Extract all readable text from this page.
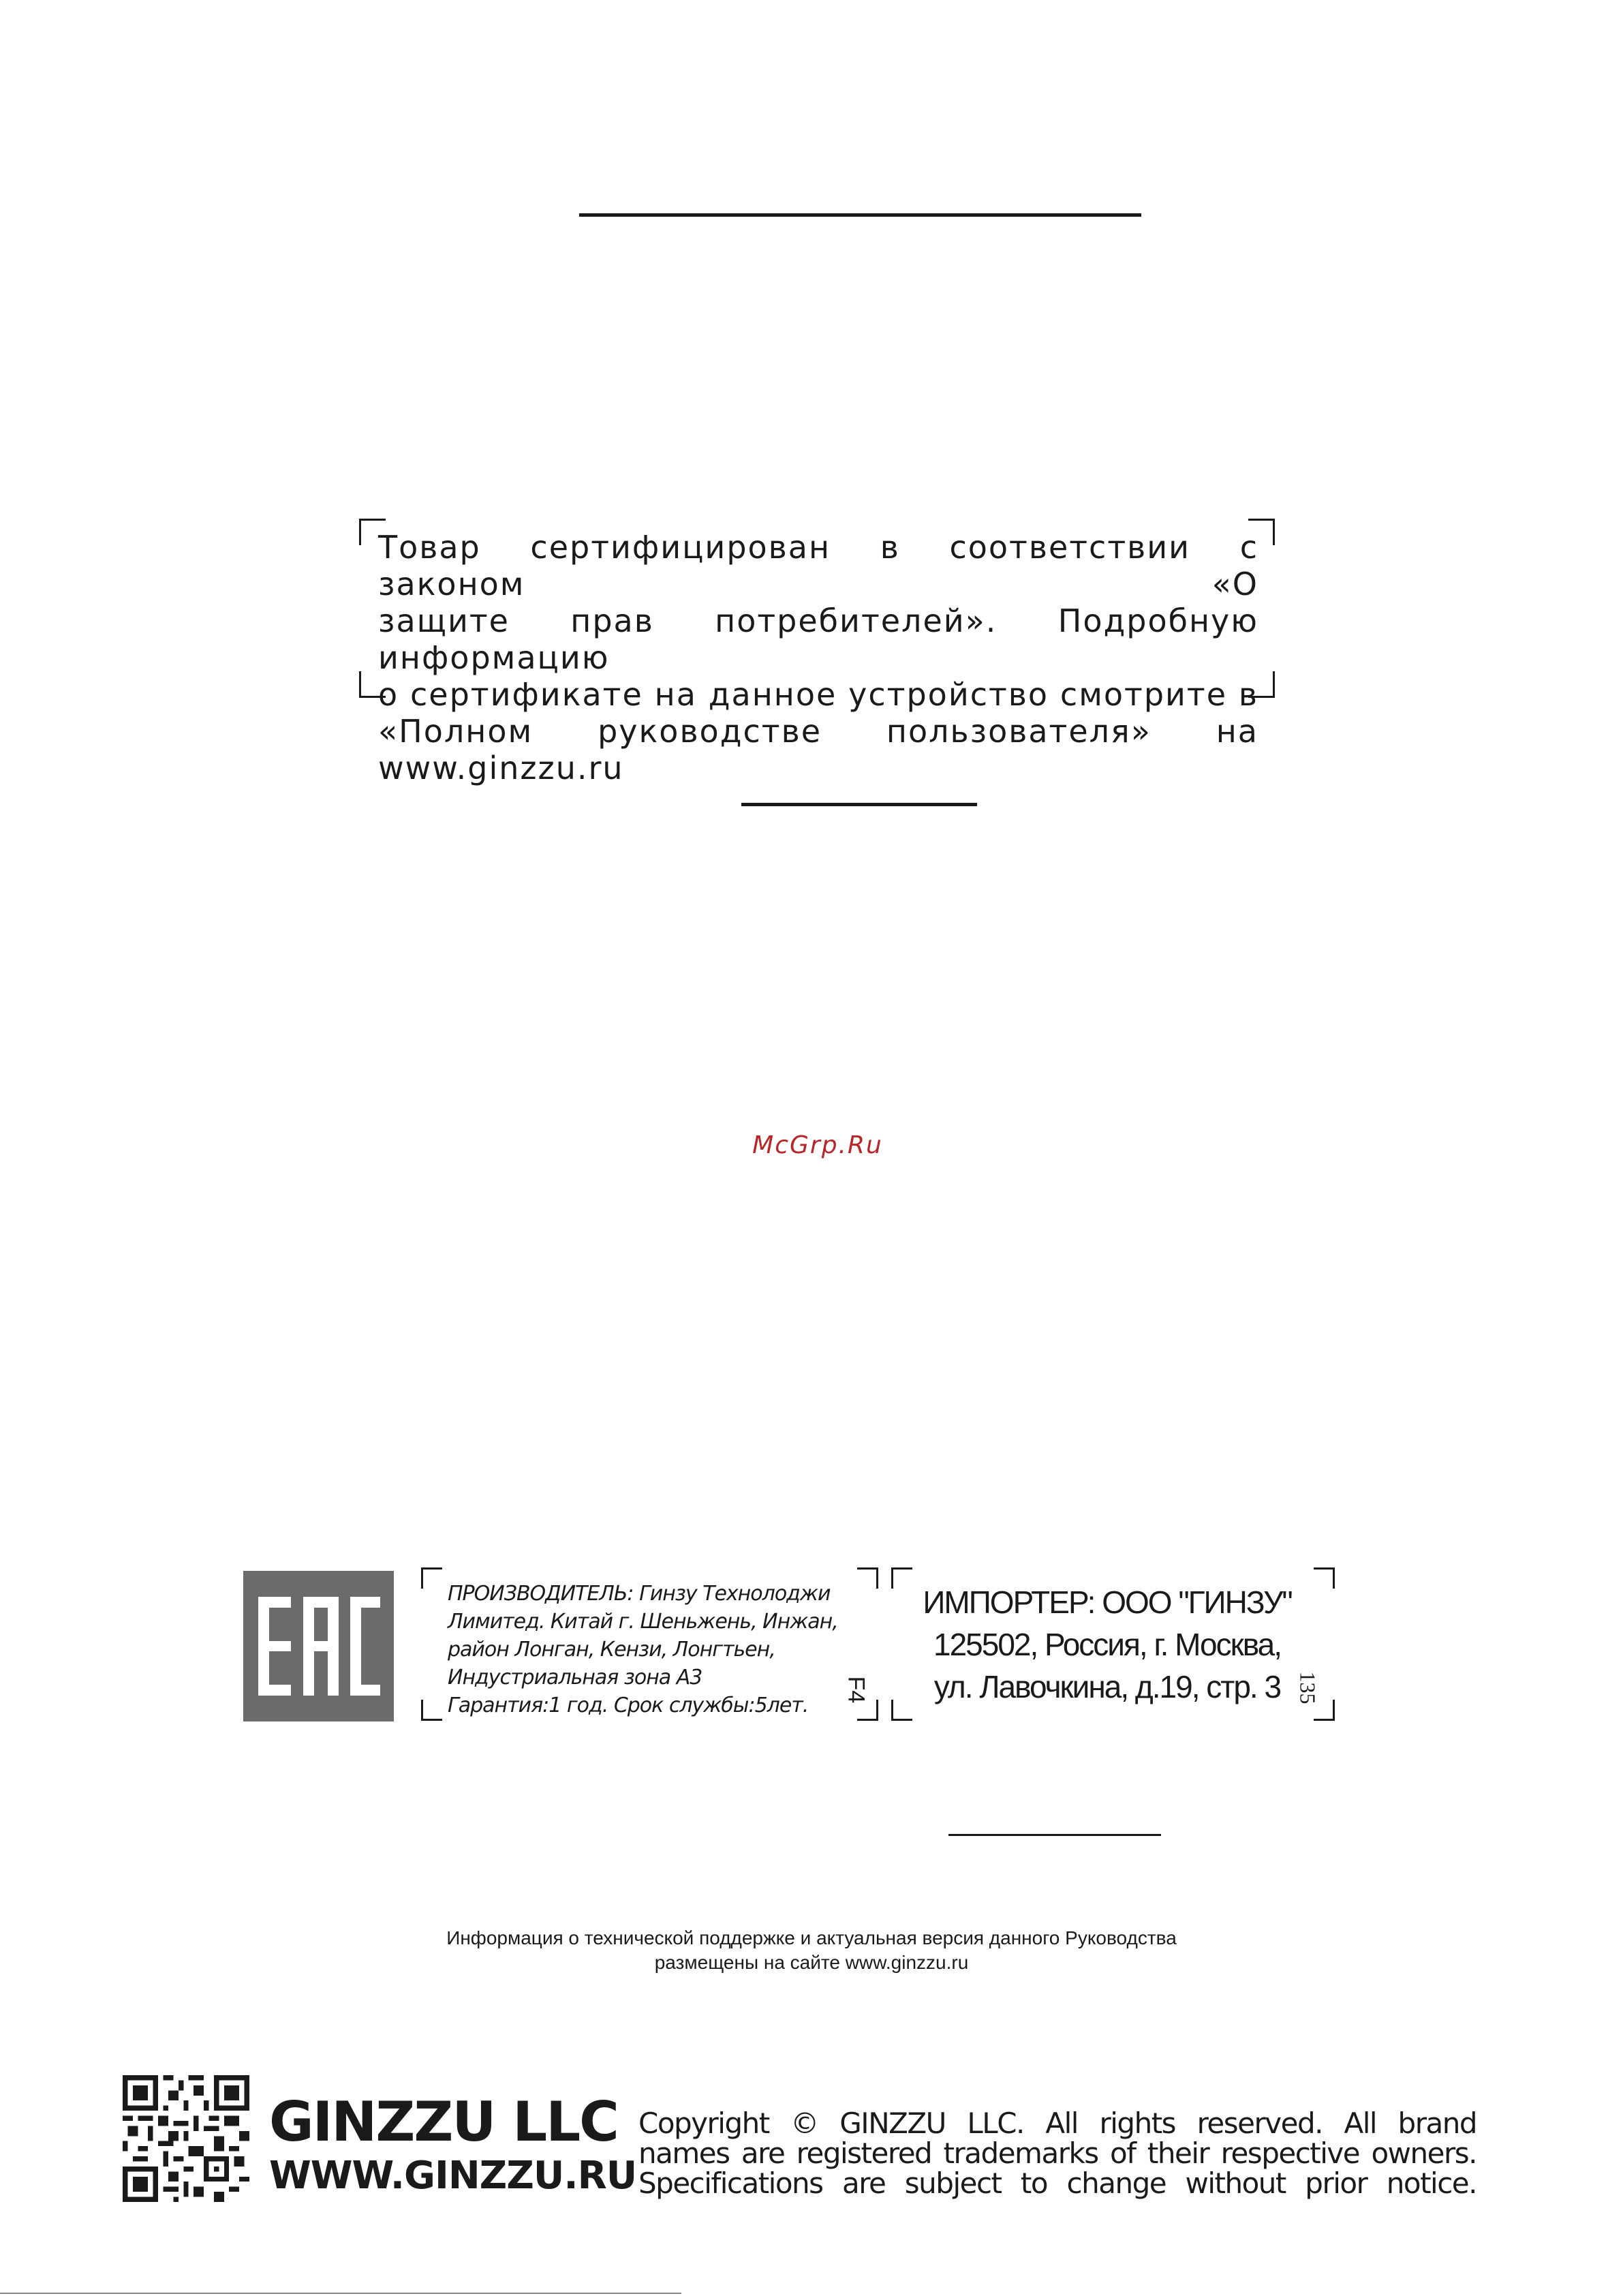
Товар сертифицирован в соответствии с законом «О
защите прав потребителей». Подробную информацию
о сертификате на данное устройство смотрите в
«Полном руководстве пользователя» на www.ginzzu.ru
McGrp.Ru
ПРОИЗВОДИТЕЛЬ: Гинзу Технолоджи
Лимитед. Китай г. Шеньжень, Инжан,
район Лонган, Кензи, Лонгтьен,
Индустриальная зона А3
Гарантия:1 год. Срок службы:5лет.
F4
ИМПОРТЕР: ООО "ГИНЗУ"
125502, Россия, г. Москва,
ул. Лавочкина, д.19, стр. 3 135
Информация о технической поддержке и актуальная версия данного Руководства
размещены на сайте www.ginzzu.ru
GINZZU LLC
WWW.GINZZU.RU
Copyright © GINZZU LLC. All rights reserved. All brand
names are registered trademarks of their respective owners.
Specifications are subject to change without prior notice.
